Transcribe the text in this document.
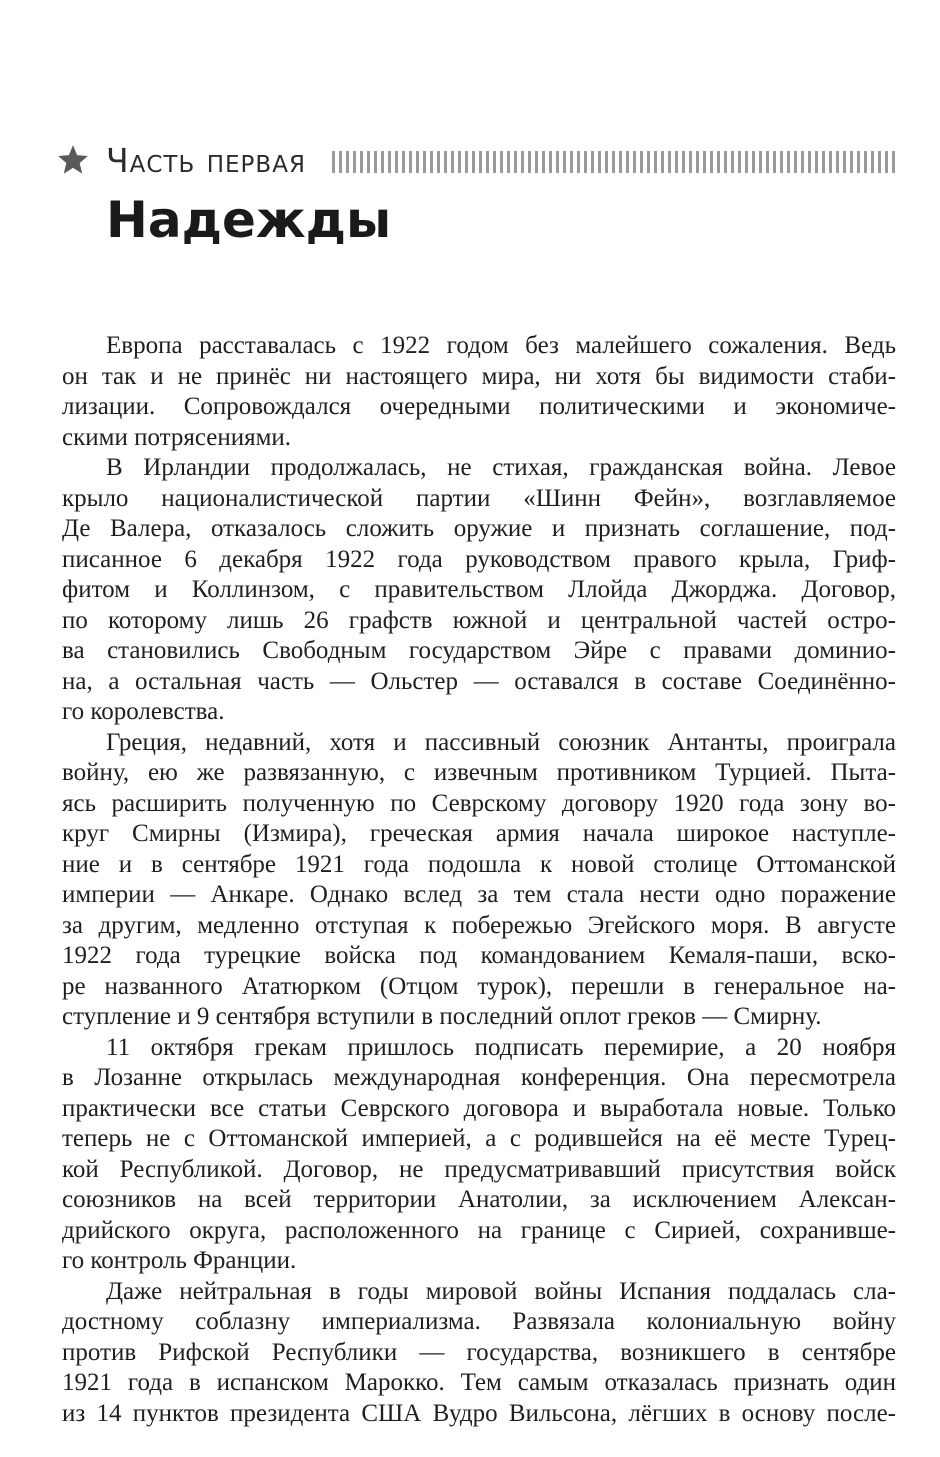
Часть первая
Надежды

Европа расставалась с 1922 годом без малейшего сожаления. Ведь
он так и не принёс ни настоящего мира, ни хотя бы видимости стаби-
лизации. Сопровождался очередными политическими и экономиче-
скими потрясениями.

В Ирландии продолжалась, не стихая, гражданская война. Левое
крыло националистической партии «Шинн Фейн», возглавляемое
Де Валера, отказалось сложить оружие и признать соглашение, под-
писанное 6 декабря 1922 года руководством правого крыла, Гриф-
фитом и Коллинзом, с правительством Ллойда Джорджа. Договор,
по которому лишь 26 графств южной и центральной частей остро-
ва становились Свободным государством Эйре с правами доминио-
на, а остальная часть — Ольстер — оставался в составе Соединённо-
го королевства.

Греция, недавний, хотя и пассивный союзник Антанты, проиграла
войну, ею же развязанную, с извечным противником Турцией. Пыта-
ясь расширить полученную по Севрскому договору 1920 года зону во-
круг Смирны (Измира), греческая армия начала широкое наступле-
ние и в сентябре 1921 года подошла к новой столице Оттоманской
империи — Анкаре. Однако вслед за тем стала нести одно поражение
за другим, медленно отступая к побережью Эгейского моря. В августе
1922 года турецкие войска под командованием Кемаля-паши, вско-
ре названного Ататюрком (Отцом турок), перешли в генеральное на-
ступление и 9 сентября вступили в последний оплот греков — Смирну.

11 октября грекам пришлось подписать перемирие, а 20 ноября
в Лозанне открылась международная конференция. Она пересмотрела
практически все статьи Севрского договора и выработала новые. Только
теперь не с Оттоманской империей, а с родившейся на её месте Турец-
кой Республикой. Договор, не предусматривавший присутствия войск
союзников на всей территории Анатолии, за исключением Алексан-
дрийского округа, расположенного на границе с Сирией, сохранивше-
го контроль Франции.

Даже нейтральная в годы мировой войны Испания поддалась сла-
достному соблазну империализма. Развязала колониальную войну
против Рифской Республики — государства, возникшего в сентябре
1921 года в испанском Марокко. Тем самым отказалась признать один
из 14 пунктов президента США Вудро Вильсона, лёгших в основу после-
